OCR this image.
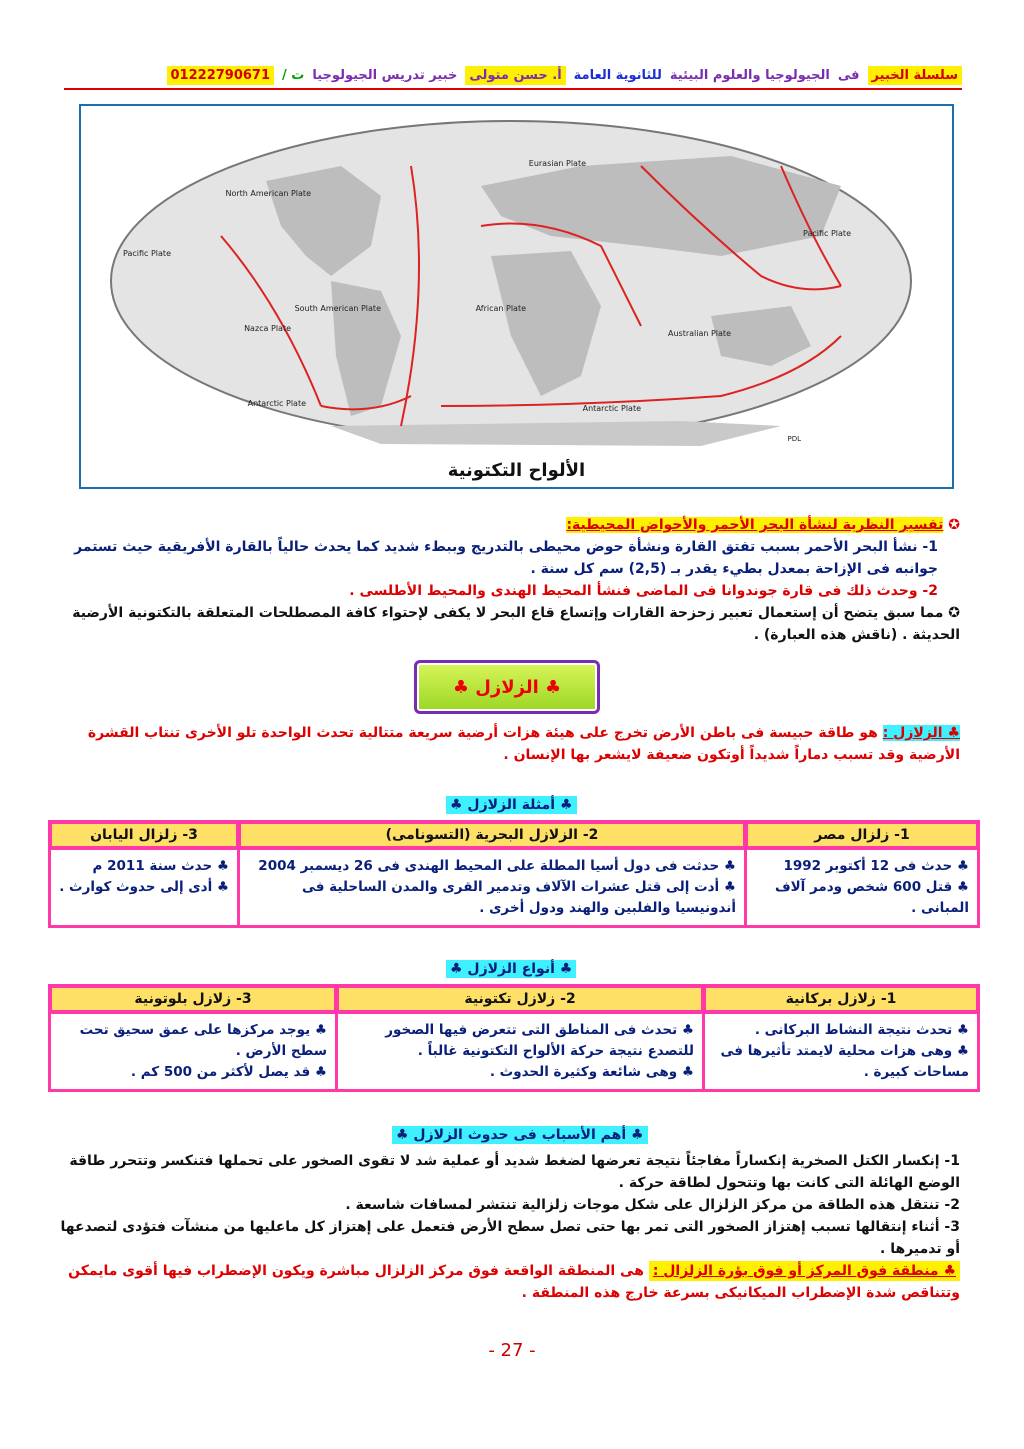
سلسلة الخبير
فى
الجيولوجيا والعلوم البيئية
للثانوية العامة
أ. حسن متولى
خبير تدريس الجيولوجيا
ت /
01222790671
Eurasian Plate
North American Plate
Pacific Plate
Nazca Plate
South American Plate	African Plate
Australian Plate
Antarctic Plate
Antarctic Plate
Pacific Plate
PDL
الألواح التكتونية
✪ تفسير النظرية لنشأة البحر الأحمر والأحواض المحيطية:
1- نشأ البحر الأحمر بسبب تفتق القارة ونشأة حوض محيطى بالتدريج وببطء شديد كما يحدث حالياً بالقارة الأفريقية حيث تستمر جوانبه فى الإزاحة بمعدل بطيء يقدر بـ (2,5) سم كل سنة .
2- وحدث ذلك فى قارة جوندوانا فى الماضى فنشأ المحيط الهندى والمحيط الأطلسى .
✪ مما سبق يتضح أن إستعمال تعبير زحزحة القارات وإتساع قاع البحر لا يكفى لإحتواء كافة المصطلحات المتعلقة بالتكتونية الأرضية الحديثة . (ناقش هذه العبارة) .
♣ الزلازل ♣
♣ الزلازل : هو طاقة حبيسة فى باطن الأرض تخرج على هيئة هزات أرضية سريعة متتالية تحدث الواحدة تلو الأخرى تنتاب القشرة الأرضية وقد تسبب دماراً شديداً أوتكون ضعيفة لايشعر بها الإنسان .
♣ أمثلة الزلازل ♣
1- زلزال مصر
2- الزلازل البحرية (التسونامى)
3- زلزال اليابان
♣ حدث فى 12 أكتوبر 1992
♣ قتل 600 شخص ودمر آلاف المبانى .
♣ حدثت فى دول أسيا المطلة على المحيط الهندى فى 26 ديسمبر 2004
♣ أدت إلى قتل عشرات الآلاف وتدمير القرى والمدن الساحلية فى أندونيسيا والفلبين والهند ودول أخرى .
♣ حدث سنة 2011 م
♣ أدى إلى حدوث كوارث .
♣ أنواع الزلازل ♣
1- زلازل بركانية
2- زلازل تكتونية
3- زلازل بلوتونية
♣ تحدث نتيجة النشاط البركانى .
♣ وهى هزات محلية لايمتد تأثيرها فى مساحات كبيرة .
♣ تحدث فى المناطق التى تتعرض فيها الصخور للتصدع نتيجة حركة الألواح التكتونية غالباً .
♣ وهى شائعة وكثيرة الحدوث .
♣ يوجد مركزها على عمق سحيق تحت سطح الأرض .
♣ قد يصل لأكثر من 500 كم .
♣ أهم الأسباب فى حدوث الزلازل ♣
1- إنكسار الكتل الصخرية إنكساراً مفاجئاً نتيجة تعرضها لضغط شديد أو عملية شد لا تقوى الصخور على تحملها فتنكسر وتتحرر طاقة الوضع الهائلة التى كانت بها وتتحول لطاقة حركة .
2- تنتقل هذه الطاقة من مركز الزلزال على شكل موجات زلزالية تنتشر لمسافات شاسعة .
3- أثناء إنتقالها تسبب إهتزاز الصخور التى تمر بها حتى تصل سطح الأرض فتعمل على إهتزاز كل ماعليها من منشآت فتؤدى لتصدعها أو تدميرها .
♣ منطقة فوق المركز أو فوق بؤرة الزلزال : هى المنطقة الواقعة فوق مركز الزلزال مباشرة ويكون الإضطراب فيها أقوى مايمكن وتتناقص شدة الإضطراب الميكانيكى بسرعة خارج هذه المنطقة .
- 27 -
